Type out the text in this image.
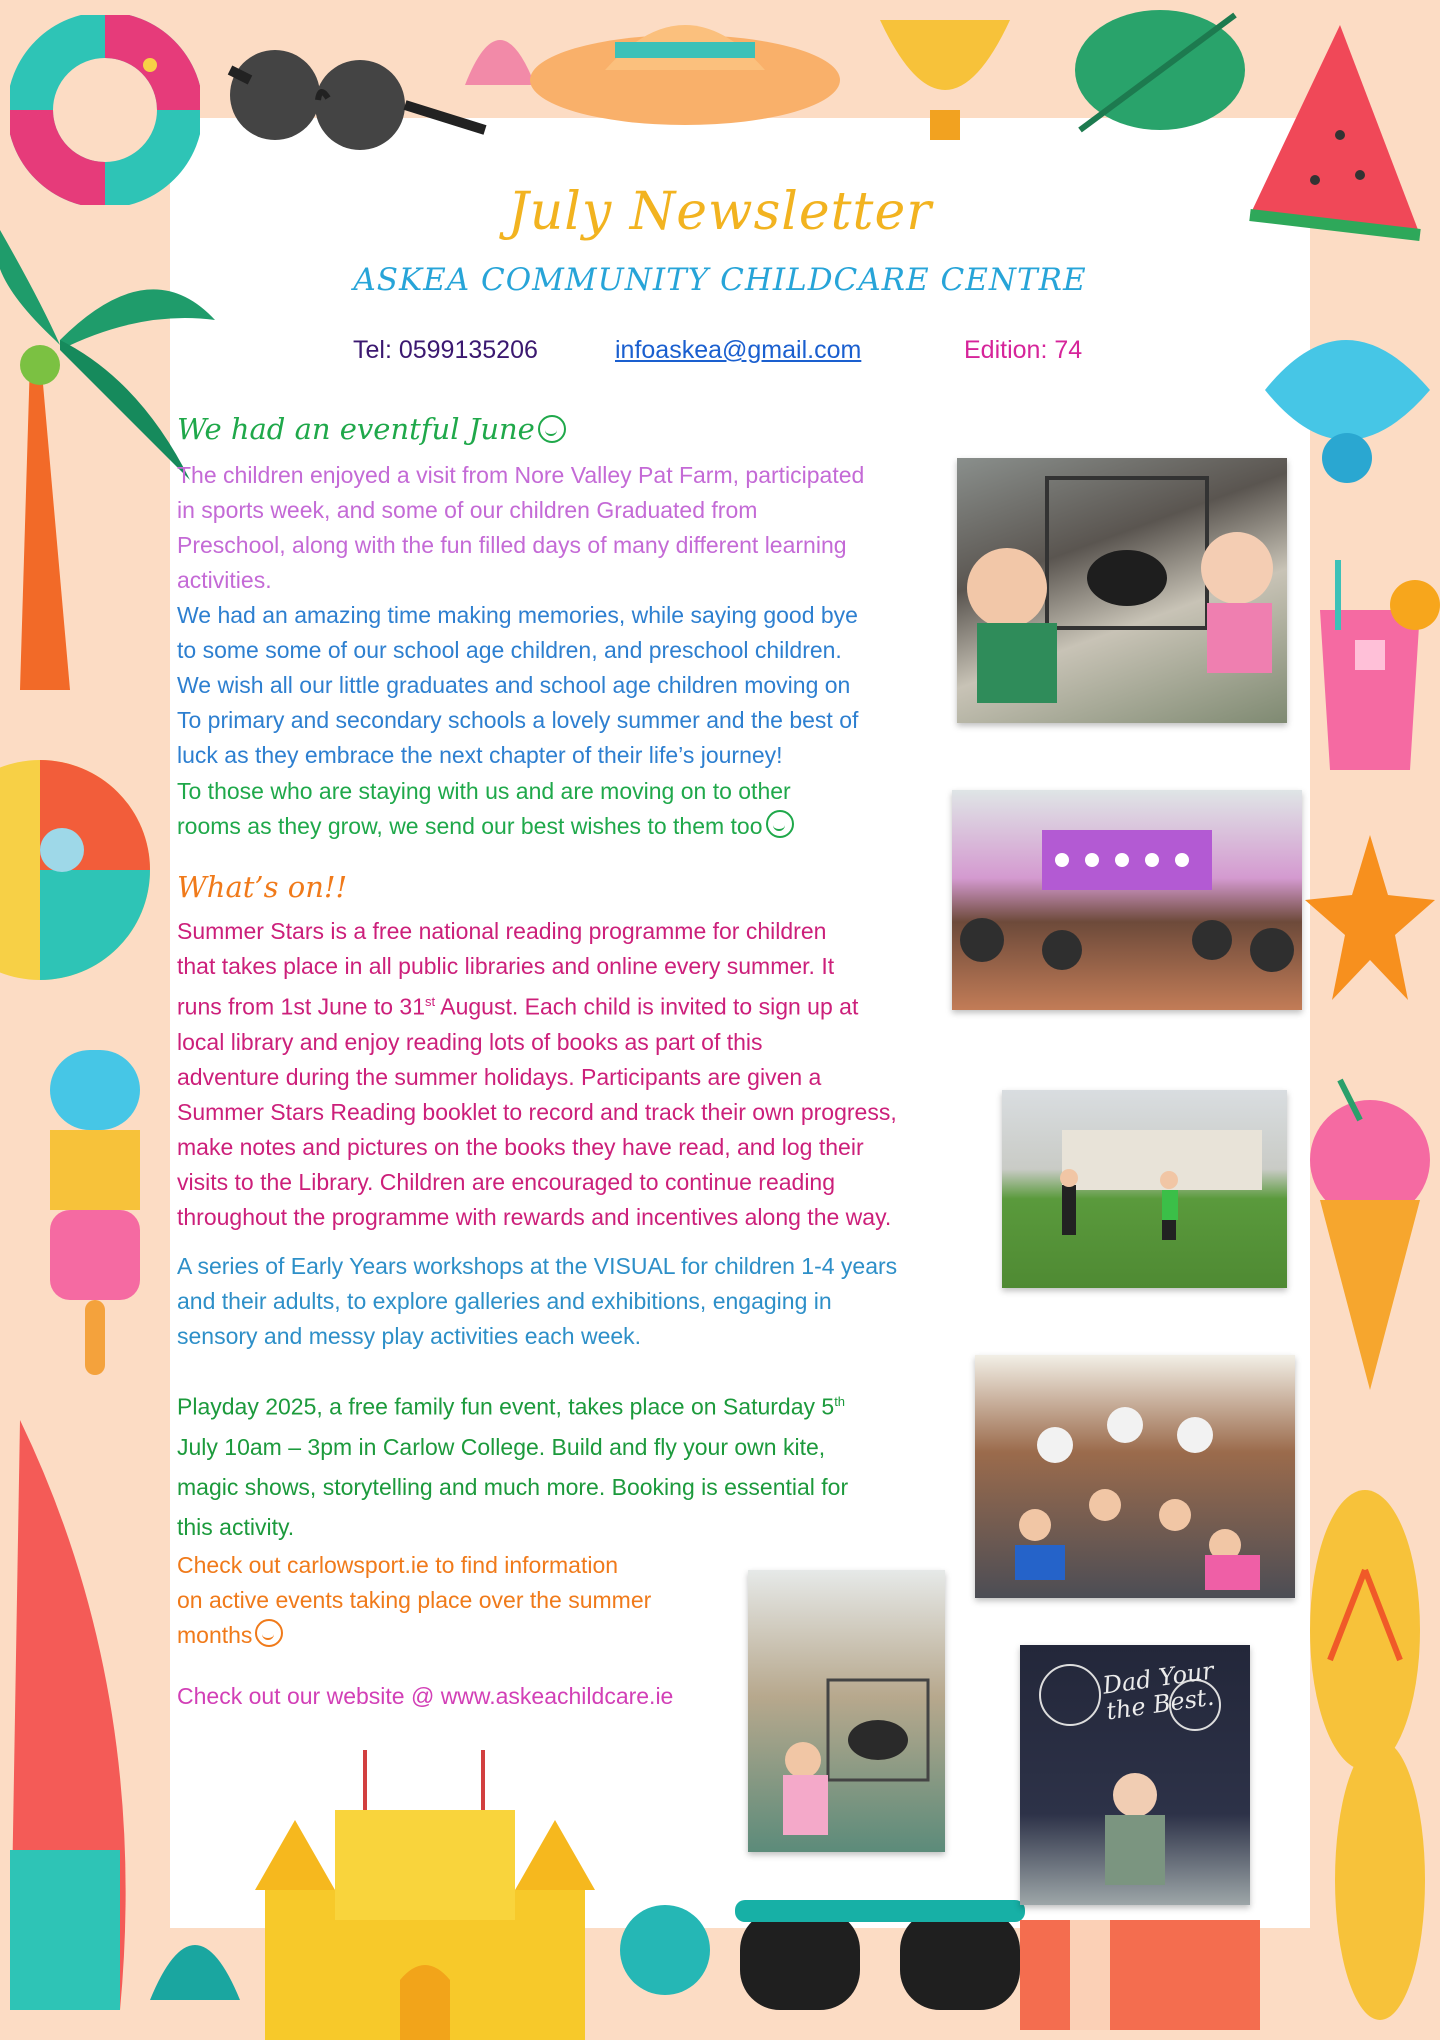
July Newsletter
ASKEA COMMUNITY CHILDCARE CENTRE
Tel: 0599135206	infoaskea@gmail.com	Edition: 74
We had an eventful June

The children enjoyed a visit from Nore Valley Pat Farm, participated
in sports week, and some of our children Graduated from
Preschool, along with the fun filled days of many different learning
activities.

We had an amazing time making memories, while saying good bye
to some some of our school age children, and preschool children.
We wish all our little graduates and school age children moving on
To primary and secondary schools a lovely summer and the best of
luck as they embrace the next chapter of their life’s journey!

To those who are staying with us and are moving on to other
rooms as they grow, we send our best wishes to them too

What’s on!!

Summer Stars is a free national reading programme for children
that takes place in all public libraries and online every summer. It
runs from 1st June to 31st August. Each child is invited to sign up at
local library and enjoy reading lots of books as part of this
adventure during the summer holidays. Participants are given a
Summer Stars Reading booklet to record and track their own progress,
make notes and pictures on the books they have read, and log their
visits to the Library. Children are encouraged to continue reading
throughout the programme with rewards and incentives along the way.

A series of Early Years workshops at the VISUAL for children 1-4 years
and their adults, to explore galleries and exhibitions, engaging in
sensory and messy play activities each week.

Playday 2025, a free family fun event, takes place on Saturday 5th
July 10am – 3pm in Carlow College. Build and fly your own kite,
magic shows, storytelling and much more. Booking is essential for
this activity.

Check out carlowsport.ie to find information
on active events taking place over the summer
months

Check out our website @ www.askeachildcare.ie	Dad Your the Best.
